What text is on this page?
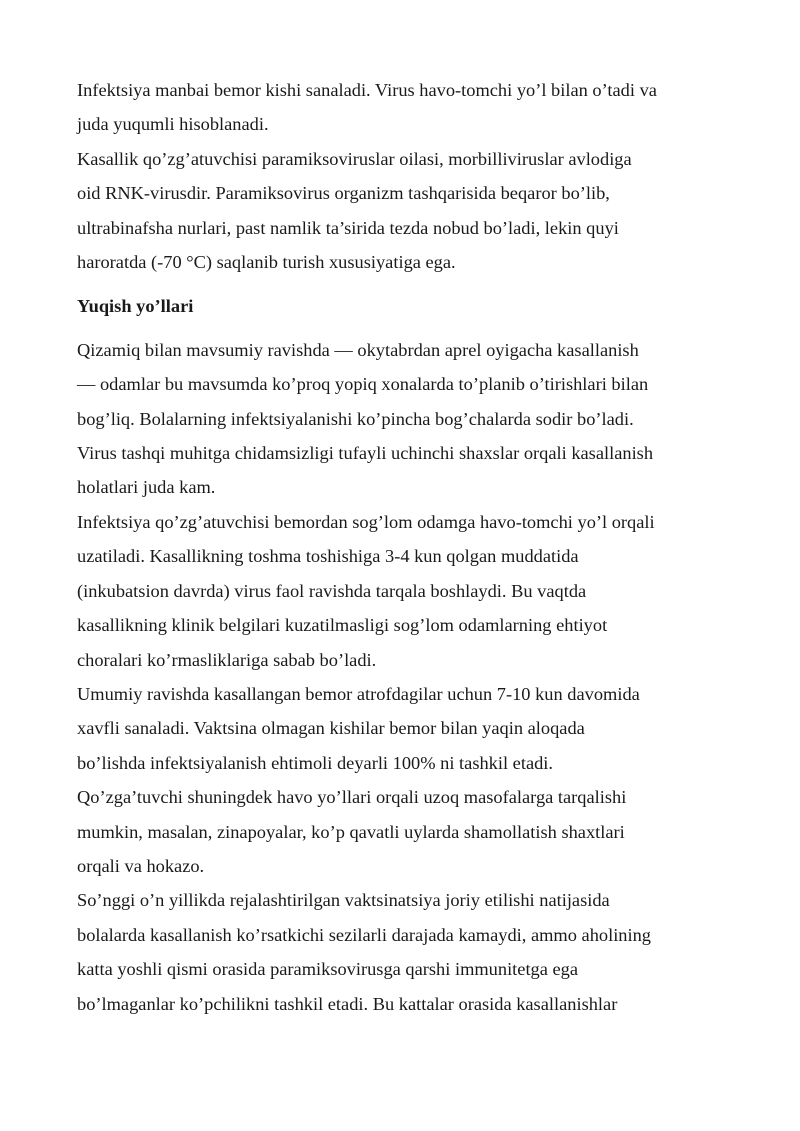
Infektsiya manbai bemor kishi sanaladi. Virus havo-tomchi yo’l bilan o’tadi va
juda yuqumli hisoblanadi.
Kasallik qo’zg’atuvchisi paramiksoviruslar oilasi, morbilliviruslar avlodiga
oid RNK-virusdir. Paramiksovirus organizm tashqarisida beqaror bo’lib,
ultrabinafsha nurlari, past namlik ta’sirida tezda nobud bo’ladi, lekin quyi
haroratda (-70 °C) saqlanib turish xususiyatiga ega.
Yuqish yo’llari
Qizamiq bilan mavsumiy ravishda — okytabrdan aprel oyigacha kasallanish
— odamlar bu mavsumda ko’proq yopiq xonalarda to’planib o’tirishlari bilan
bog’liq. Bolalarning infektsiyalanishi ko’pincha bog’chalarda sodir bo’ladi.
Virus tashqi muhitga chidamsizligi tufayli uchinchi shaxslar orqali kasallanish
holatlari juda kam.
Infektsiya qo’zg’atuvchisi bemordan sog’lom odamga havo-tomchi yo’l orqali
uzatiladi. Kasallikning toshma toshishiga 3-4 kun qolgan muddatida
(inkubatsion davrda) virus faol ravishda tarqala boshlaydi. Bu vaqtda
kasallikning klinik belgilari kuzatilmasligi sog’lom odamlarning ehtiyot
choralari ko’rmasliklariga sabab bo’ladi.
Umumiy ravishda kasallangan bemor atrofdagilar uchun 7-10 kun davomida
xavfli sanaladi. Vaktsina olmagan kishilar bemor bilan yaqin aloqada
bo’lishda infektsiyalanish ehtimoli deyarli 100% ni tashkil etadi.
Qo’zga’tuvchi shuningdek havo yo’llari orqali uzoq masofalarga tarqalishi
mumkin, masalan, zinapoyalar, ko’p qavatli uylarda shamollatish shaxtlari
orqali va hokazo.
So’nggi o’n yillikda rejalashtirilgan vaktsinatsiya joriy etilishi natijasida
bolalarda kasallanish ko’rsatkichi sezilarli darajada kamaydi, ammo aholining
katta yoshli qismi orasida paramiksovirusga qarshi immunitetga ega
bo’lmaganlar ko’pchilikni tashkil etadi. Bu kattalar orasida kasallanishlar
